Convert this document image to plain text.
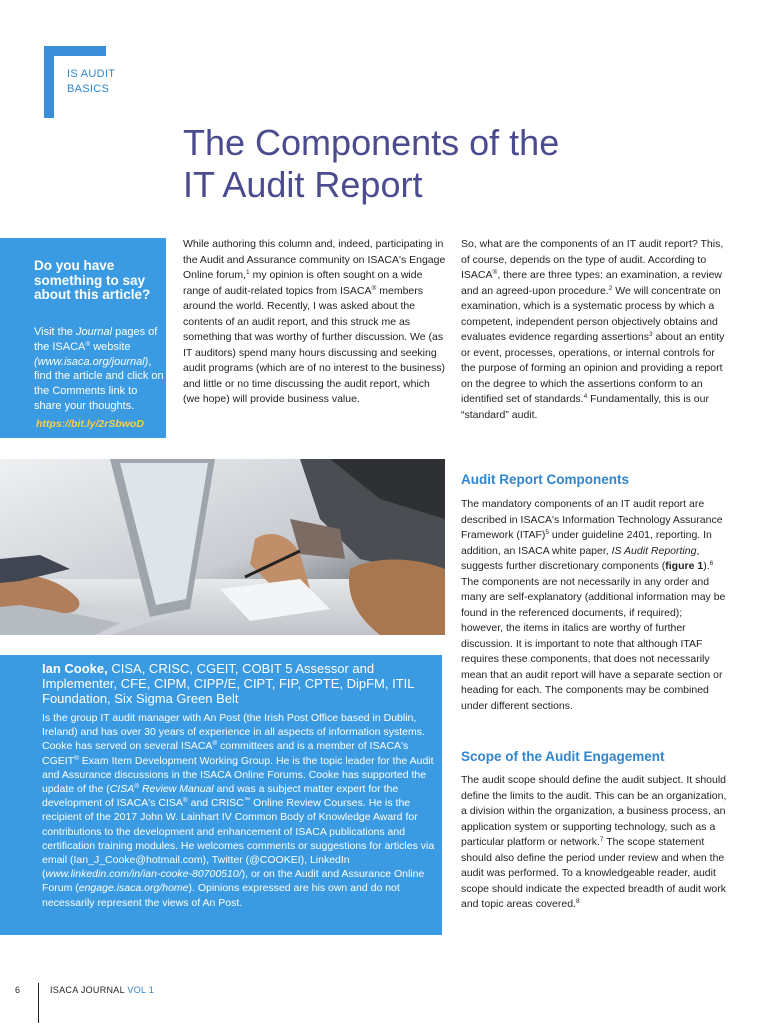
IS AUDIT
BASICS
The Components of the
IT Audit Report
Do you have something to say about this article?
Visit the Journal pages of the ISACA® website (www.isaca.org/journal), find the article and click on the Comments link to share your thoughts.
https://bit.ly/2rSbwoD

While authoring this column and, indeed, participating in the Audit and Assurance community on ISACA's Engage Online forum,$^1$ my opinion is often sought on a wide range of audit-related topics from ISACA® members around the world. Recently, I was asked about the contents of an audit report, and this struck me as something that was worthy of further discussion. We (as IT auditors) spend many hours discussing and seeking audit programs (which are of no interest to the business) and little or no time discussing the audit report, which (we hope) will provide business value.

So, what are the components of an IT audit report? This, of course, depends on the type of audit. According to ISACA®, there are three types: an examination, a review and an agreed-upon procedure.$^2$ We will concentrate on examination, which is a systematic process by which a competent, independent person objectively obtains and evaluates evidence regarding assertions$^3$ about an entity or event, processes, operations, or internal controls for the purpose of forming an opinion and providing a report on the degree to which the assertions conform to an identified set of standards.$^4$ Fundamentally, this is our “standard” audit.

Audit Report Components

The mandatory components of an IT audit report are described in ISACA's Information Technology Assurance Framework (ITAF)$^5$ under guideline 2401, reporting. In addition, an ISACA white paper, IS Audit Reporting, suggests further discretionary components (figure 1).$^6$ The components are not necessarily in any order and many are self-explanatory (additional information may be found in the referenced documents, if required); however, the items in italics are worthy of further discussion. It is important to note that although ITAF requires these components, that does not necessarily mean that an audit report will have a separate section or heading for each. The components may be combined under different sections.

Scope of the Audit Engagement

The audit scope should define the audit subject. It should define the limits to the audit. This can be an organization, a division within the organization, a business process, an application system or supporting technology, such as a particular platform or network.$^7$ The scope statement should also define the period under review and when the audit was performed. To a knowledgeable reader, audit scope should indicate the expected breadth of audit work and topic areas covered.$^8$

Ian Cooke, CISA, CRISC, CGEIT, COBIT 5 Assessor and Implementer, CFE, CIPM, CIPP/E, CIPT, FIP, CPTE, DipFM, ITIL Foundation, Six Sigma Green Belt
Is the group IT audit manager with An Post (the Irish Post Office based in Dublin, Ireland) and has over 30 years of experience in all aspects of information systems. Cooke has served on several ISACA® committees and is a member of ISACA's CGEIT® Exam Item Development Working Group. He is the topic leader for the Audit and Assurance discussions in the ISACA Online Forums. Cooke has supported the update of the (CISA® Review Manual and was a subject matter expert for the development of ISACA's CISA® and CRISC™ Online Review Courses. He is the recipient of the 2017 John W. Lainhart IV Common Body of Knowledge Award for contributions to the development and enhancement of ISACA publications and certification training modules. He welcomes comments or suggestions for articles via email (Ian_J_Cooke@hotmail.com), Twitter (@COOKEI), LinkedIn (www.linkedin.com/in/ian-cooke-80700510/), or on the Audit and Assurance Online Forum (engage.isaca.org/home). Opinions expressed are his own and do not necessarily represent the views of An Post.
6	ISACA JOURNAL VOL 1
